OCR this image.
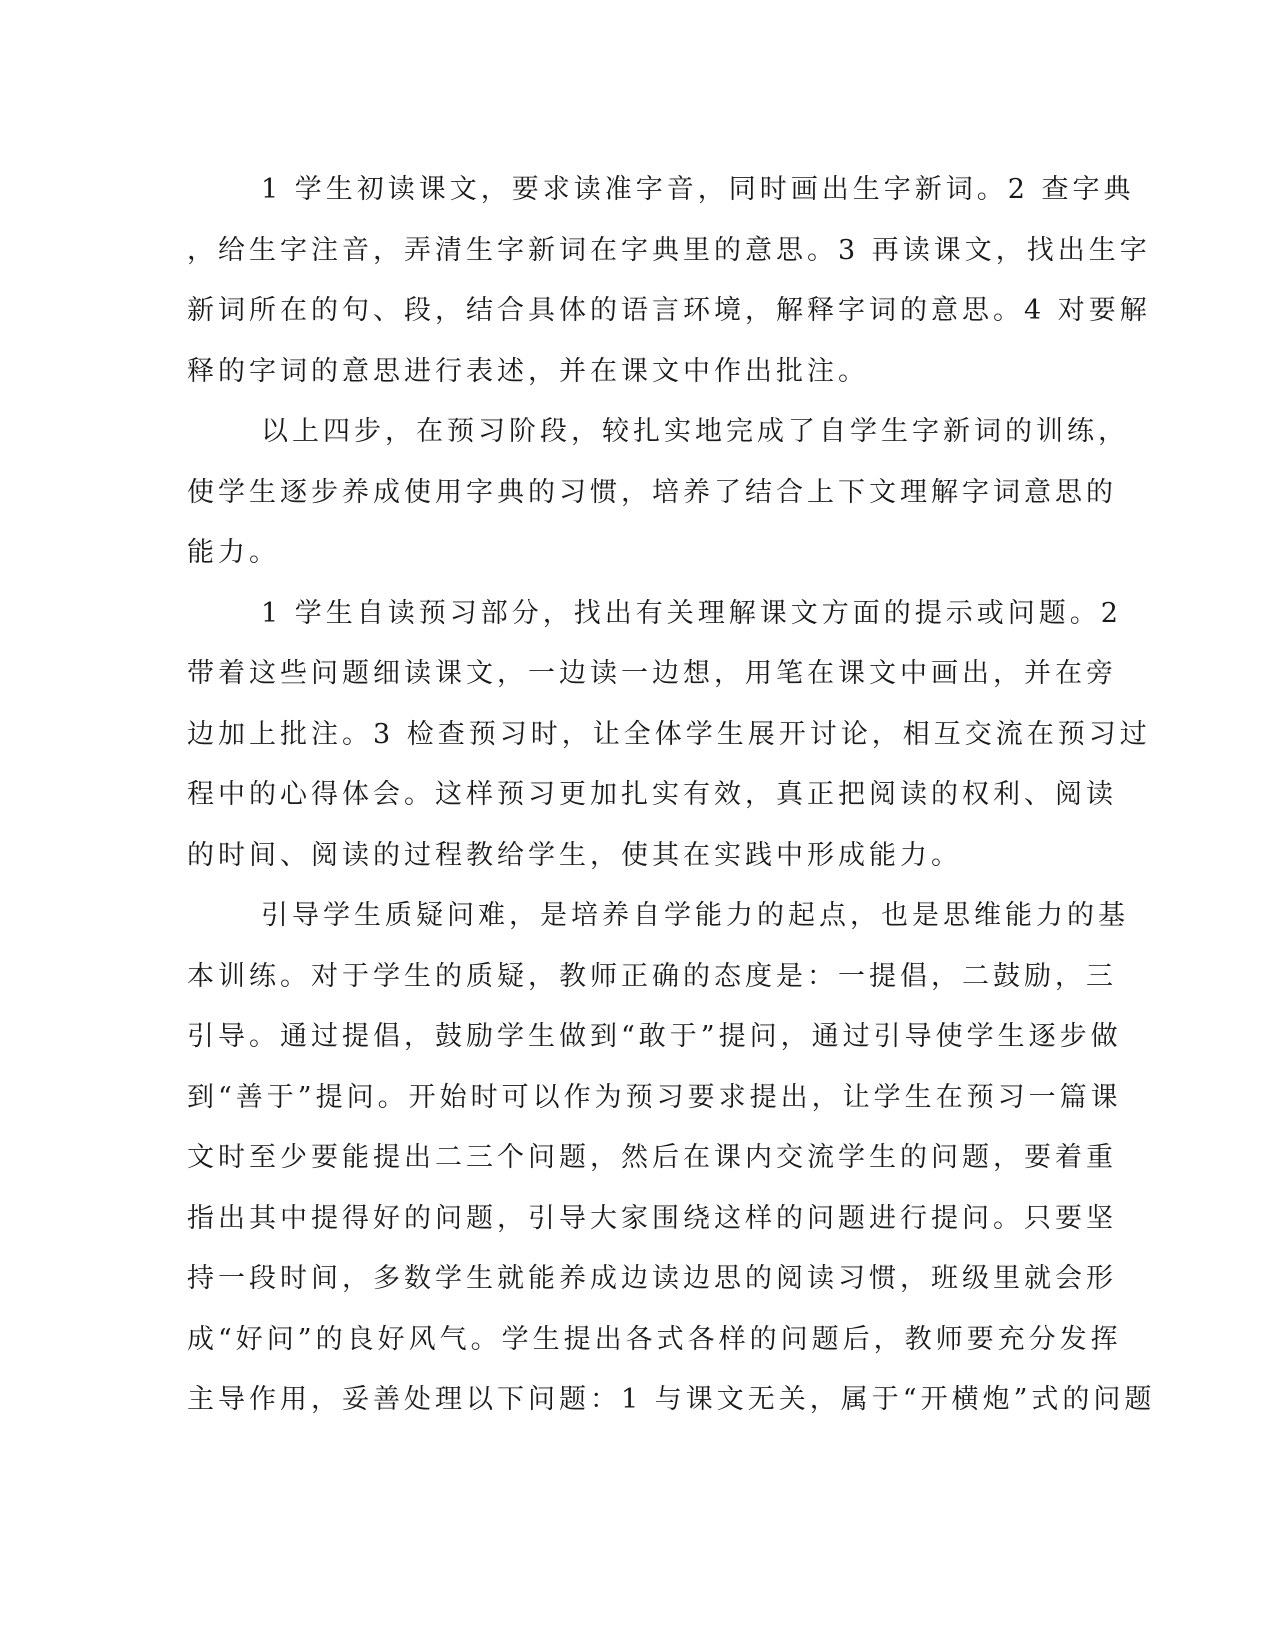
1 学生初读课文，要求读准字音，同时画出生字新词。2 查字典
，给生字注音，弄清生字新词在字典里的意思。3 再读课文，找出生字
新词所在的句、段，结合具体的语言环境，解释字词的意思。4 对要解
释的字词的意思进行表述，并在课文中作出批注。
以上四步，在预习阶段，较扎实地完成了自学生字新词的训练，
使学生逐步养成使用字典的习惯，培养了结合上下文理解字词意思的
能力。
1 学生自读预习部分，找出有关理解课文方面的提示或问题。2
带着这些问题细读课文，一边读一边想，用笔在课文中画出，并在旁
边加上批注。3 检查预习时，让全体学生展开讨论，相互交流在预习过
程中的心得体会。这样预习更加扎实有效，真正把阅读的权利、阅读
的时间、阅读的过程教给学生，使其在实践中形成能力。
引导学生质疑问难，是培养自学能力的起点，也是思维能力的基
本训练。对于学生的质疑，教师正确的态度是：一提倡，二鼓励，三
引导。通过提倡，鼓励学生做到“敢于”提问，通过引导使学生逐步做
到“善于”提问。开始时可以作为预习要求提出，让学生在预习一篇课
文时至少要能提出二三个问题，然后在课内交流学生的问题，要着重
指出其中提得好的问题，引导大家围绕这样的问题进行提问。只要坚
持一段时间，多数学生就能养成边读边思的阅读习惯，班级里就会形
成“好问”的良好风气。学生提出各式各样的问题后，教师要充分发挥
主导作用，妥善处理以下问题：1 与课文无关，属于“开横炮”式的问题
